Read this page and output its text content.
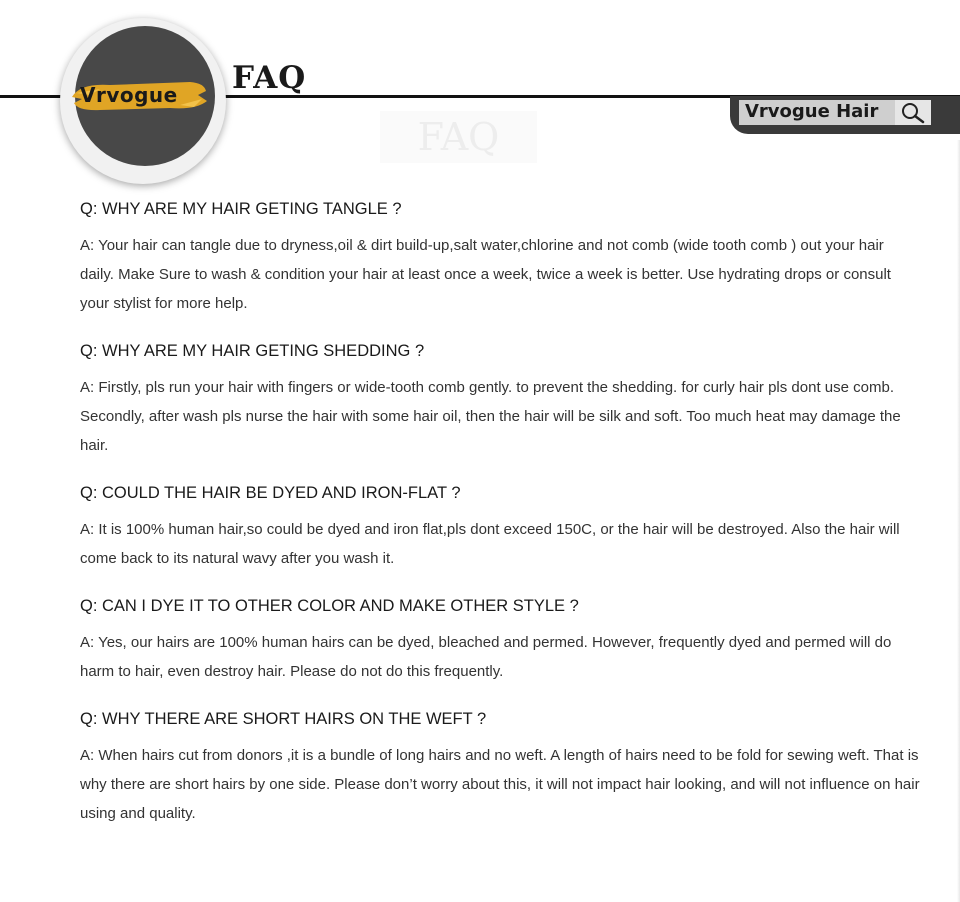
Vrvogue FAQ
Vrvogue Hair
FAQ

Q: WHY ARE MY HAIR GETING TANGLE ?

A: Your hair can tangle due to dryness,oil & dirt build-up,salt water,chlorine and not comb (wide tooth comb ) out your hair daily. Make Sure to wash & condition your hair at least once a week, twice a week is better. Use hydrating drops or consult your stylist for more help.

Q: WHY ARE MY HAIR GETING SHEDDING ?

A: Firstly, pls run your hair with fingers or wide-tooth comb gently. to prevent the shedding. for curly hair pls dont use comb. Secondly, after wash pls nurse the hair with some hair oil, then the hair will be silk and soft. Too much heat may damage the hair.

Q: COULD THE HAIR BE DYED AND IRON-FLAT ?

A: It is 100% human hair,so could be dyed and iron flat,pls dont exceed 150C, or the hair will be destroyed. Also the hair will come back to its natural wavy after you wash it.

Q: CAN I DYE IT TO OTHER COLOR AND MAKE OTHER STYLE ?

A: Yes, our hairs are 100% human hairs can be dyed, bleached and permed. However, frequently dyed and permed will do harm to hair, even destroy hair. Please do not do this frequently.

Q: WHY THERE ARE SHORT HAIRS ON THE WEFT ?

A: When hairs cut from donors ,it is a bundle of long hairs and no weft. A length of hairs need to be fold for sewing weft. That is why there are short hairs by one side. Please don’t worry about this, it will not impact hair looking, and will not influence on hair using and quality.
